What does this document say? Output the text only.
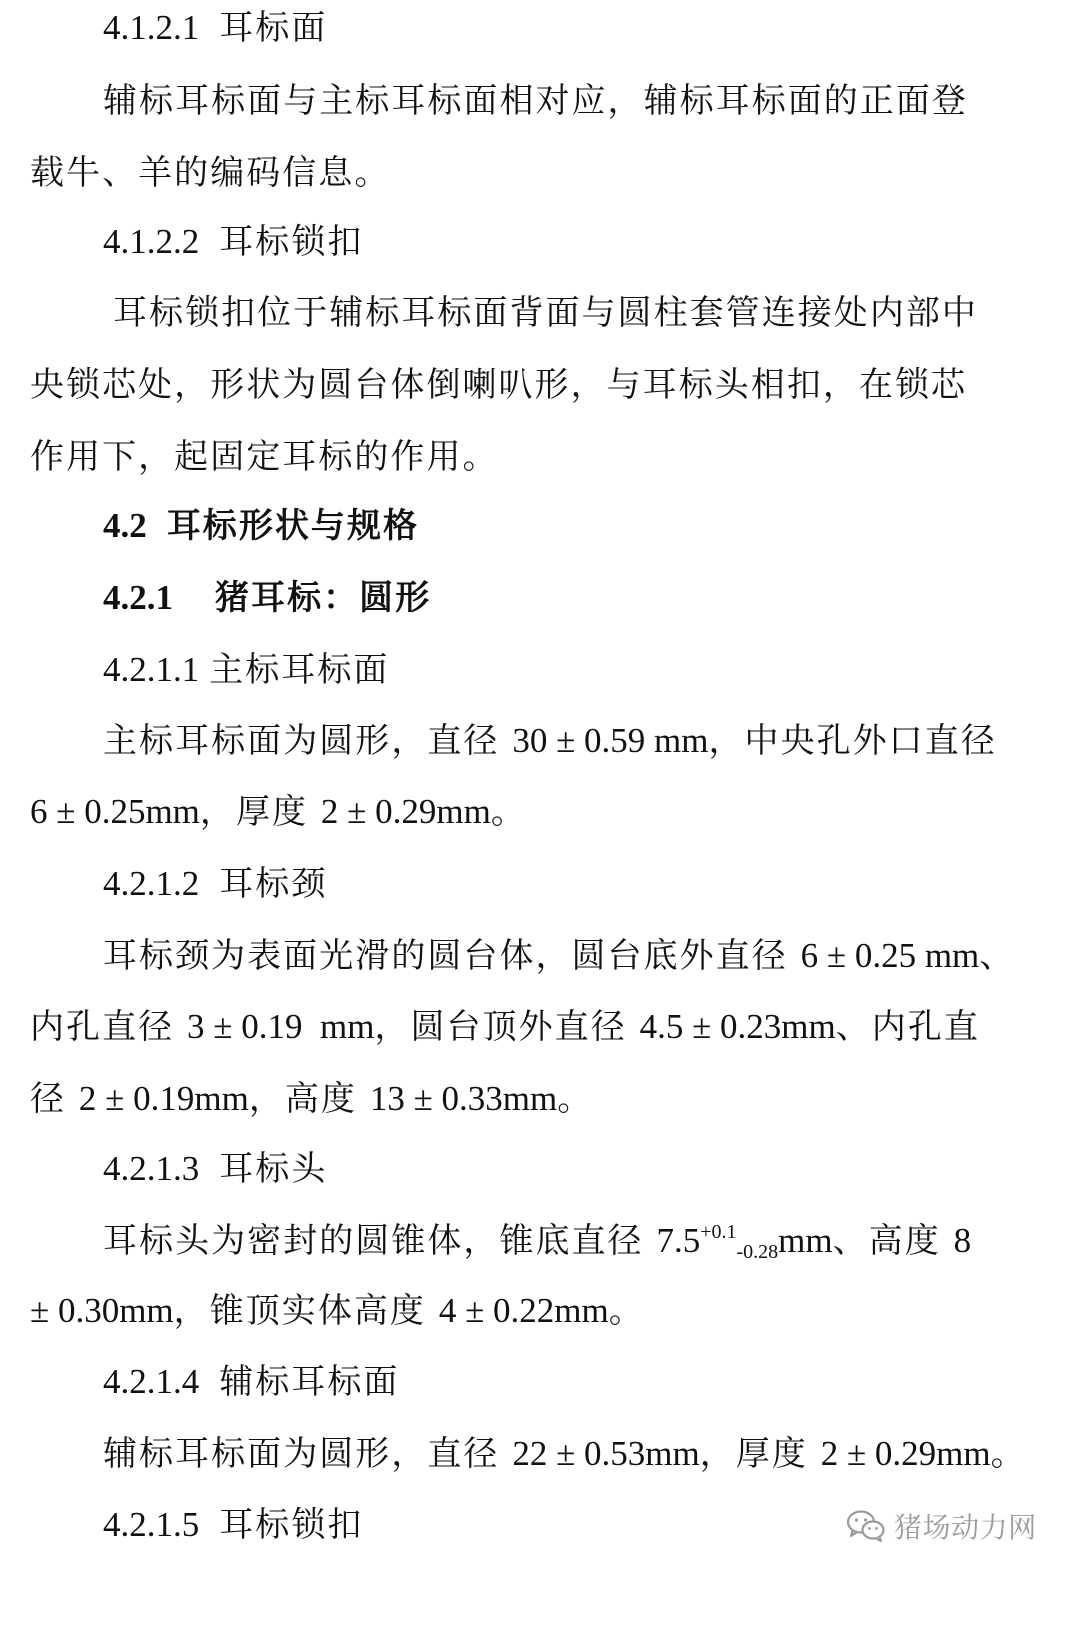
4.1.2.1 耳标面
辅标耳标面与主标耳标面相对应，辅标耳标面的正面登
载牛、羊的编码信息。
4.1.2.2 耳标锁扣
耳标锁扣位于辅标耳标面背面与圆柱套管连接处内部中
央锁芯处，形状为圆台体倒喇叭形，与耳标头相扣，在锁芯
作用下，起固定耳标的作用。
4.2 耳标形状与规格
4.2.1 猪耳标：圆形
4.2.1.1 主标耳标面
主标耳标面为圆形，直径 30 ± 0.59 mm，中央孔外口直径
6 ± 0.25mm，厚度 2 ± 0.29mm。
4.2.1.2 耳标颈
耳标颈为表面光滑的圆台体，圆台底外直径 6 ± 0.25 mm、
内孔直径 3 ± 0.19  mm，圆台顶外直径 4.5 ± 0.23mm、内孔直
径 2 ± 0.19mm，高度 13 ± 0.33mm。
4.2.1.3 耳标头
耳标头为密封的圆锥体，锥底直径 $7.5^{+0.1}_{-0.28}mm$、高度 8
± 0.30mm，锥顶实体高度 4 ± 0.22mm。
4.2.1.4 辅标耳标面
辅标耳标面为圆形，直径 22 ± 0.53mm，厚度 2 ± 0.29mm。
4.2.1.5 耳标锁扣	猪场动力网
